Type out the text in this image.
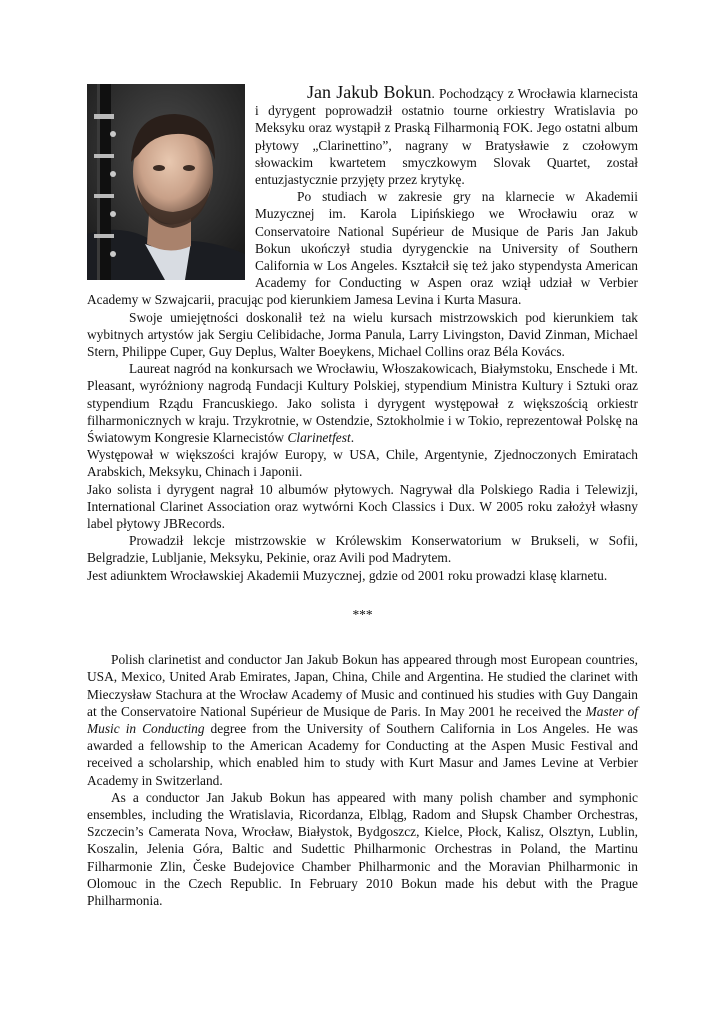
Jan Jakub Bokun. Pochodzący z Wrocławia klarnecista i dyrygent poprowadził ostatnio tourne orkiestry Wratislavia po Meksyku oraz wystąpił z Praską Filharmonią FOK. Jego ostatni album płytowy „Clarinettino”, nagrany w Bratysławie z czołowym słowackim kwartetem smyczkowym Slovak Quartet, został entuzjastycznie przyjęty przez krytykę.

Po studiach w zakresie gry na klarnecie w Akademii Muzycznej im. Karola Lipińskiego we Wrocławiu oraz w Conservatoire National Supérieur de Musique de Paris Jan Jakub Bokun ukończył studia dyrygenckie na University of Southern California w Los Angeles. Kształcił się też jako stypendysta American Academy for Conducting w Aspen oraz wziął udział w Verbier Academy w Szwajcarii, pracując pod kierunkiem Jamesa Levina i Kurta Masura.

Swoje umiejętności doskonalił też na wielu kursach mistrzowskich pod kierunkiem tak wybitnych artystów jak Sergiu Celibidache, Jorma Panula, Larry Livingston, David Zinman, Michael Stern, Philippe Cuper, Guy Deplus, Walter Boeykens, Michael Collins oraz Béla Kovács.

Laureat nagród na konkursach we Wrocławiu, Włoszakowicach, Białymstoku, Enschede i Mt. Pleasant, wyróżniony nagrodą Fundacji Kultury Polskiej, stypendium Ministra Kultury i Sztuki oraz stypendium Rządu Francuskiego. Jako solista i dyrygent występował z większością orkiestr filharmonicznych w kraju. Trzykrotnie, w Ostendzie, Sztokholmie i w Tokio, reprezentował Polskę na Światowym Kongresie Klarnecistów Clarinetfest.

Występował w większości krajów Europy, w USA, Chile, Argentynie, Zjednoczonych Emiratach Arabskich, Meksyku, Chinach i Japonii.

Jako solista i dyrygent nagrał 10 albumów płytowych. Nagrywał dla Polskiego Radia i Telewizji, International Clarinet Association oraz wytwórni Koch Classics i Dux. W 2005 roku założył własny label płytowy JBRecords.

Prowadził lekcje mistrzowskie w Królewskim Konserwatorium w Brukseli, w Sofii, Belgradzie, Lubljanie, Meksyku, Pekinie, oraz Avili pod Madrytem.

Jest adiunktem Wrocławskiej Akademii Muzycznej, gdzie od 2001 roku prowadzi klasę klarnetu.

***

Polish clarinetist and conductor Jan Jakub Bokun has appeared through most European countries, USA, Mexico, United Arab Emirates, Japan, China, Chile and Argentina. He studied the clarinet with Mieczysław Stachura at the Wrocław Academy of Music and continued his studies with Guy Dangain at the Conservatoire National Supérieur de Musique de Paris. In May 2001 he received the Master of Music in Conducting degree from the University of Southern California in Los Angeles. He was awarded a fellowship to the American Academy for Conducting at the Aspen Music Festival and received a scholarship, which enabled him to study with Kurt Masur and James Levine at Verbier Academy in Switzerland.

As a conductor Jan Jakub Bokun has appeared with many polish chamber and symphonic ensembles, including the Wratislavia, Ricordanza, Elbląg, Radom and Słupsk Chamber Orchestras, Szczecin’s Camerata Nova, Wrocław, Białystok, Bydgoszcz, Kielce, Płock, Kalisz, Olsztyn, Lublin, Koszalin, Jelenia Góra, Baltic and Sudettic Philharmonic Orchestras in Poland, the Martinu Filharmonie Zlin, Česke Budejovice Chamber Philharmonic and the Moravian Philharmonic in Olomouc in the Czech Republic. In February 2010 Bokun made his debut with the Prague Philharmonia.
